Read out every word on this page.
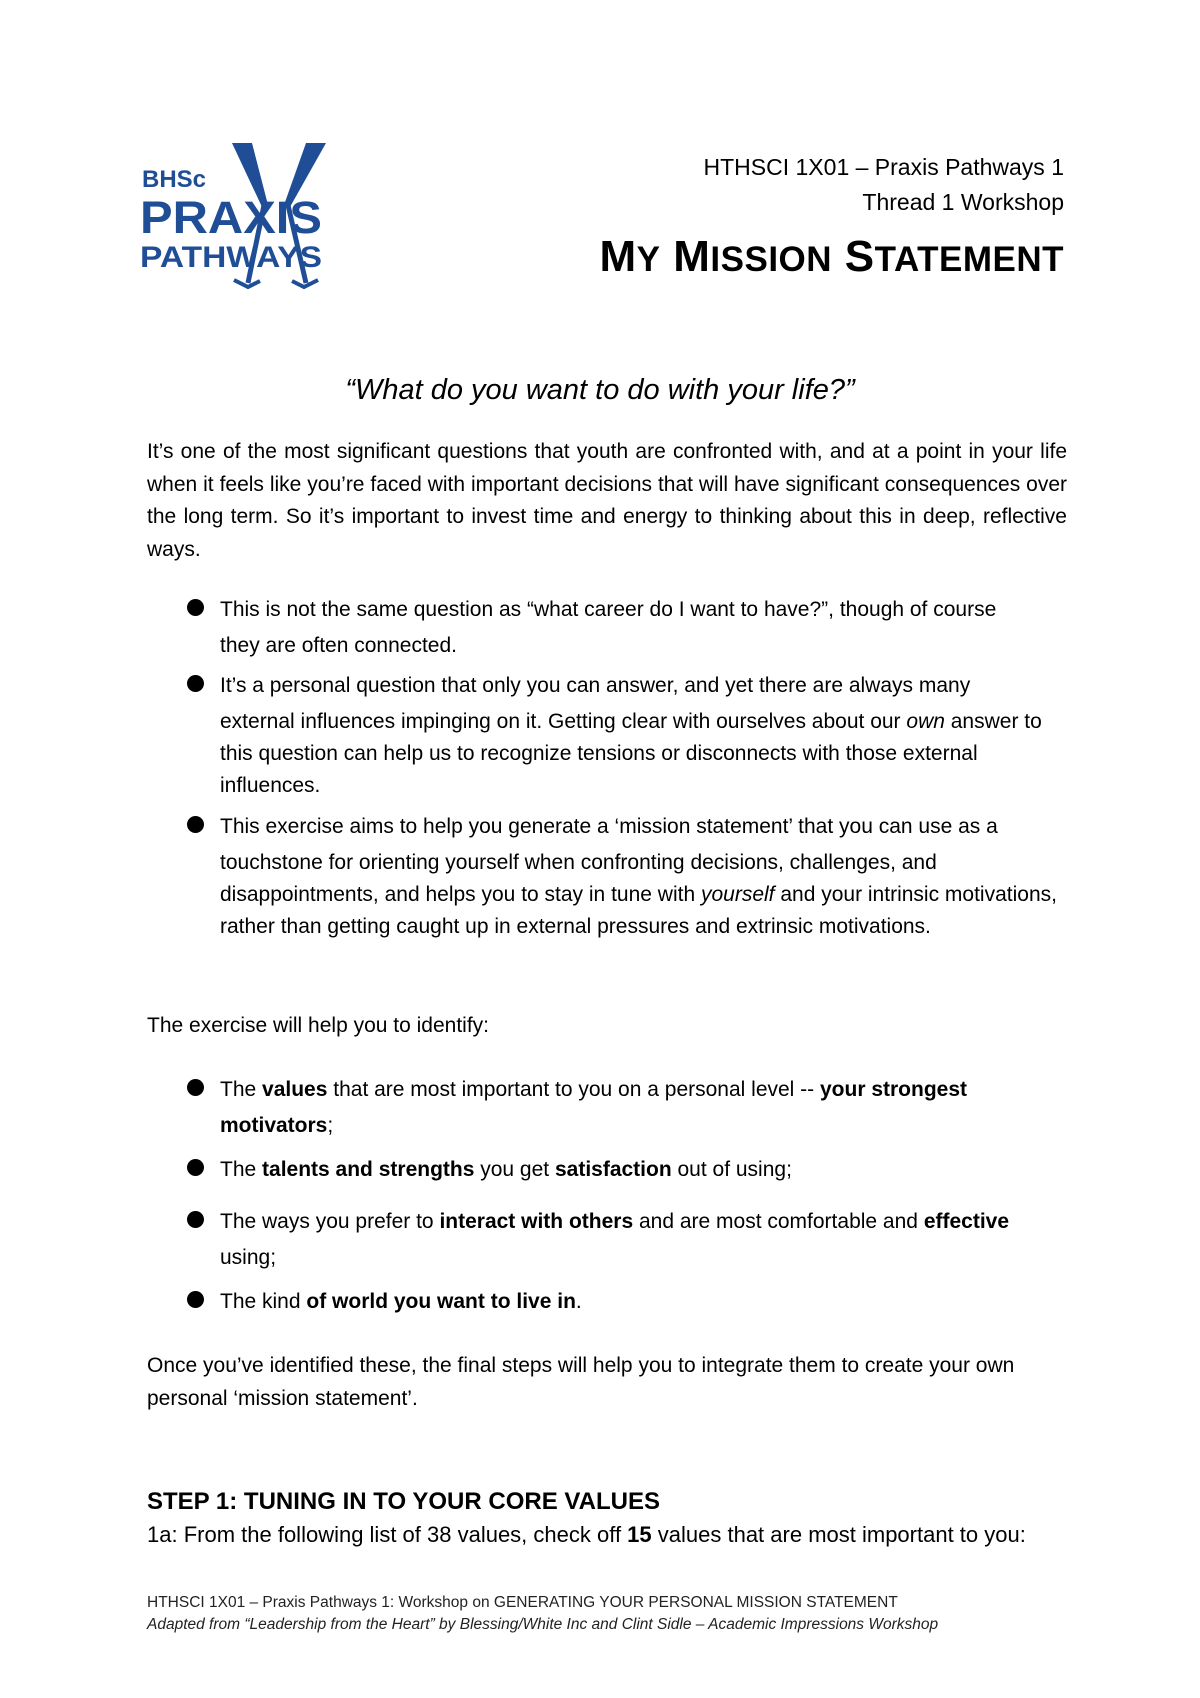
BHSc
PRAXIS
PATHWAYS
HTHSCI 1X01 – Praxis Pathways 1
Thread 1 Workshop
MY MISSION STATEMENT
“What do you want to do with your life?”
It’s one of the most significant questions that youth are confronted with, and at a point in your life when it feels like you’re faced with important decisions that will have significant consequences over the long term. So it’s important to invest time and energy to thinking about this in deep, reflective ways.
This is not the same question as “what career do I want to have?”, though of course
they are often connected.
It’s a personal question that only you can answer, and yet there are always many
external influences impinging on it. Getting clear with ourselves about our own answer to this question can help us to recognize tensions or disconnects with those external influences.
This exercise aims to help you generate a ‘mission statement’ that you can use as a
touchstone for orienting yourself when confronting decisions, challenges, and disappointments, and helps you to stay in tune with yourself and your intrinsic motivations, rather than getting caught up in external pressures and extrinsic motivations.
The exercise will help you to identify:
The values that are most important to you on a personal level -- your strongest
motivators;
The talents and strengths you get satisfaction out of using;
The ways you prefer to interact with others and are most comfortable and effective
using;
The kind of world you want to live in.
Once you’ve identified these, the final steps will help you to integrate them to create your own personal ‘mission statement’.
STEP 1: TUNING IN TO YOUR CORE VALUES
1a: From the following list of 38 values, check off 15 values that are most important to you:
HTHSCI 1X01 – Praxis Pathways 1: Workshop on GENERATING YOUR PERSONAL MISSION STATEMENT
Adapted from “Leadership from the Heart” by Blessing/White Inc and Clint Sidle – Academic Impressions Workshop
